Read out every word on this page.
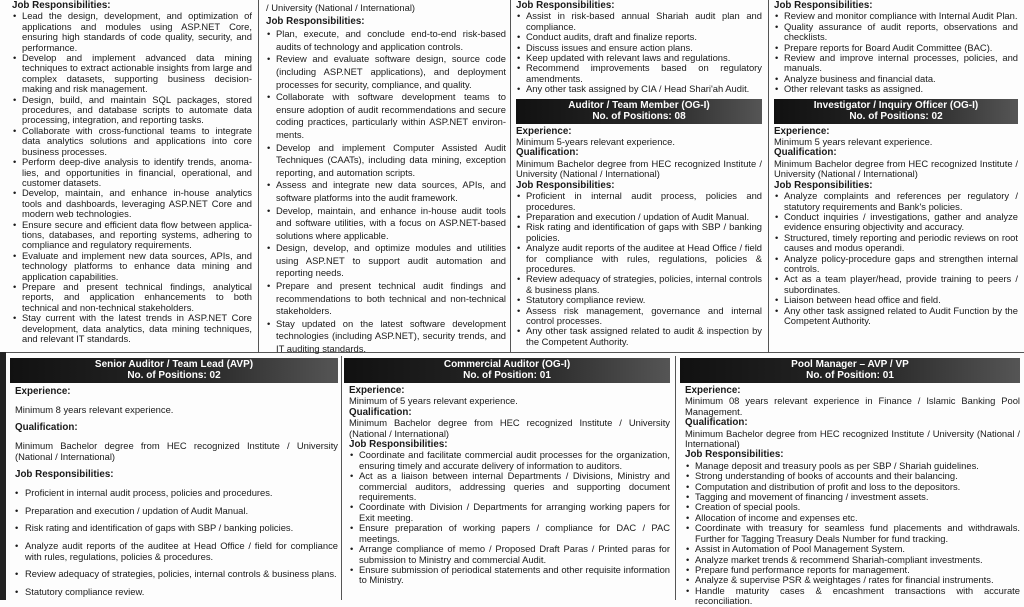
Job Responsibilities:
• Lead the design, development, and optimization of applications and modules using ASP.NET Core, ensuring high standards of code quality, security, and performance.
• Develop and implement advanced data mining techniques to extract actionable insights from large and complex datasets, supporting business decision-making and risk management.
• Design, build, and maintain SQL packages, stored procedures, and database scripts to automate data processing, integration, and reporting tasks.
• Collaborate with cross-functional teams to integrate data analytics solutions and applications into core business processes.
• Perform deep-dive analysis to identify trends, anoma-lies, and opportunities in financial, operational, and customer datasets.
• Develop, maintain, and enhance in-house analytics tools and dashboards, leveraging ASP.NET Core and modern web technologies.
• Ensure secure and efficient data flow between applica-tions, databases, and reporting systems, adhering to compliance and regulatory requirements.
• Evaluate and implement new data sources, APIs, and technology platforms to enhance data mining and application capabilities.
• Prepare and present technical findings, analytical reports, and application enhancements to both technical and non-technical stakeholders.
• Stay current with the latest trends in ASP.NET Core development, data analytics, data mining techniques, and relevant IT standards.
/ University (National / International)
Job Responsibilities:
• Plan, execute, and conclude end-to-end risk-based audits of technology and application controls.
• Review and evaluate software design, source code (including ASP.NET applications), and deployment processes for security, compliance, and quality.
• Collaborate with software development teams to ensure adoption of audit recommendations and secure coding practices, particularly within ASP.NET environ-ments.
• Develop and implement Computer Assisted Audit Techniques (CAATs), including data mining, exception reporting, and automation scripts.
• Assess and integrate new data sources, APIs, and software platforms into the audit framework.
• Develop, maintain, and enhance in-house audit tools and software utilities, with a focus on ASP.NET-based solutions where applicable.
• Design, develop, and optimize modules and utilities using ASP.NET to support audit automation and reporting needs.
• Prepare and present technical audit findings and recommendations to both technical and non-technical stakeholders.
• Stay updated on the latest software development technologies (including ASP.NET), security trends, and IT auditing standards.
Job Responsibilities:
• Assist in risk-based annual Shariah audit plan and compliance.
• Conduct audits, draft and finalize reports.
• Discuss issues and ensure action plans.
• Keep updated with relevant laws and regulations.
• Recommend improvements based on regulatory amendments.
• Any other task assigned by CIA / Head Shari'ah Audit.
Auditor / Team Member (OG-I)
No. of Positions: 08
Experience:
Minimum 5-years relevant experience.
Qualification:
Minimum Bachelor degree from HEC recognized Institute / University (National / International)
Job Responsibilities:
• Proficient in internal audit process, policies and procedures.
• Preparation and execution / updation of Audit Manual.
• Risk rating and identification of gaps with SBP / banking policies.
• Analyze audit reports of the auditee at Head Office / field for compliance with rules, regulations, policies & procedures.
• Review adequacy of strategies, policies, internal controls & business plans.
• Statutory compliance review.
• Assess risk management, governance and internal control processes.
• Any other task assigned related to audit & inspection by the Competent Authority.
Job Responsibilities:
• Review and monitor compliance with Internal Audit Plan.
• Quality assurance of audit reports, observations and checklists.
• Prepare reports for Board Audit Committee (BAC).
• Review and improve internal processes, policies, and manuals.
• Analyze business and financial data.
• Other relevant tasks as assigned.
Investigator / Inquiry Officer (OG-I)
No. of Positions: 02
Experience:
Minimum 5 years relevant experience.
Qualification:
Minimum Bachelor degree from HEC recognized Institute / University (National / International)
Job Responsibilities:
• Analyze complaints and references per regulatory / statutory requirements and Bank's policies.
• Conduct inquiries / investigations, gather and analyze evidence ensuring objectivity and accuracy.
• Structured, timely reporting and periodic reviews on root causes and modus operandi.
• Analyze policy-procedure gaps and strengthen internal controls.
• Act as a team player/head, provide training to peers / subordinates.
• Liaison between head office and field.
• Any other task assigned related to Audit Function by the Competent Authority.
Senior Auditor / Team Lead (AVP)
No. of Positions: 02
Experience:
Minimum 8 years relevant experience.
Qualification:
Minimum Bachelor degree from HEC recognized Institute / University (National / International)
Job Responsibilities:
• Proficient in internal audit process, policies and procedures.
• Preparation and execution / updation of Audit Manual.
• Risk rating and identification of gaps with SBP / banking policies.
• Analyze audit reports of the auditee at Head Office / field for compliance with rules, regulations, policies & procedures.
• Review adequacy of strategies, policies, internal controls & business plans.
• Statutory compliance review.
Commercial Auditor (OG-I)
No. of Position: 01
Experience:
Minimum of 5 years relevant experience.
Qualification:
Minimum Bachelor degree from HEC recognized Institute / University (National / International)
Job Responsibilities:
• Coordinate and facilitate commercial audit processes for the organization, ensuring timely and accurate delivery of information to auditors.
• Act as a liaison between internal Departments / Divisions, Ministry and commercial auditors, addressing queries and supporting document requirements.
• Coordinate with Division / Departments for arranging working papers for Exit meeting.
• Ensure preparation of working papers / compliance for DAC / PAC meetings.
• Arrange compliance of memo / Proposed Draft Paras / Printed paras for submission to Ministry and commercial Audit.
• Ensure submission of periodical statements and other requisite information to Ministry.
Pool Manager – AVP / VP
No. of Position: 01
Experience:
Minimum 08 years relevant experience in Finance / Islamic Banking Pool Management.
Qualification:
Minimum Bachelor degree from HEC recognized Institute / University (National / International)
Job Responsibilities:
• Manage deposit and treasury pools as per SBP / Shariah guidelines.
• Strong understanding of books of accounts and their balancing.
• Computation and distribution of profit and loss to the depositors.
• Tagging and movement of financing / investment assets.
• Creation of special pools.
• Allocation of income and expenses etc.
• Coordinate with treasury for seamless fund placements and withdrawals. Further for Tagging Treasury Deals Number for fund tracking.
• Assist in Automation of Pool Management System.
• Analyze market trends & recommend Shariah-compliant investments.
• Prepare fund performance reports for management.
• Analyze & supervise PSR & weightages / rates for financial instruments.
• Handle maturity cases & encashment transactions with accurate reconciliation.
